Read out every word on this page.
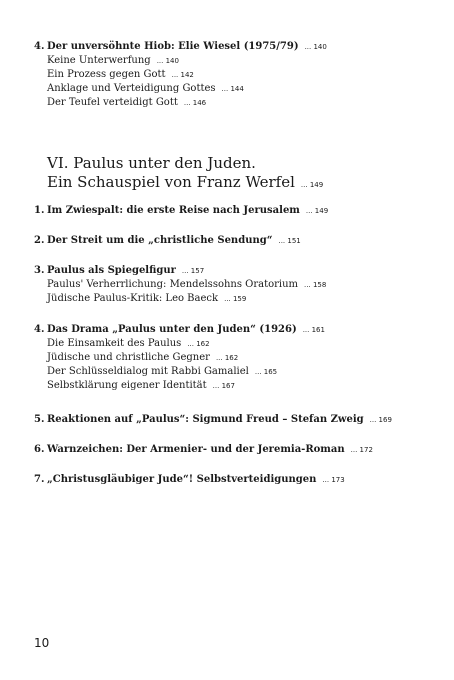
4. Der unversöhnte Hiob: Elie Wiesel (1975/79) ... 140
Keine Unterwerfung ... 140
Ein Prozess gegen Gott ... 142
Anklage und Verteidigung Gottes ... 144
Der Teufel verteidigt Gott ... 146
VI. Paulus unter den Juden.
Ein Schauspiel von Franz Werfel ... 149
1. Im Zwiespalt: die erste Reise nach Jerusalem ... 149
2. Der Streit um die „christliche Sendung“ ... 151
3. Paulus als Spiegelfigur ... 157
Paulus' Verherrlichung: Mendelssohns Oratorium ... 158
Jüdische Paulus-Kritik: Leo Baeck ... 159
4. Das Drama „Paulus unter den Juden“ (1926) ... 161
Die Einsamkeit des Paulus ... 162
Jüdische und christliche Gegner ... 162
Der Schlüsseldialog mit Rabbi Gamaliel ... 165
Selbstklärung eigener Identität ... 167
5. Reaktionen auf „Paulus“: Sigmund Freud – Stefan Zweig ... 169
6. Warnzeichen: Der Armenier- und der Jeremia-Roman ... 172
7. „Christusgläubiger Jude“! Selbstverteidigungen ... 173
10
